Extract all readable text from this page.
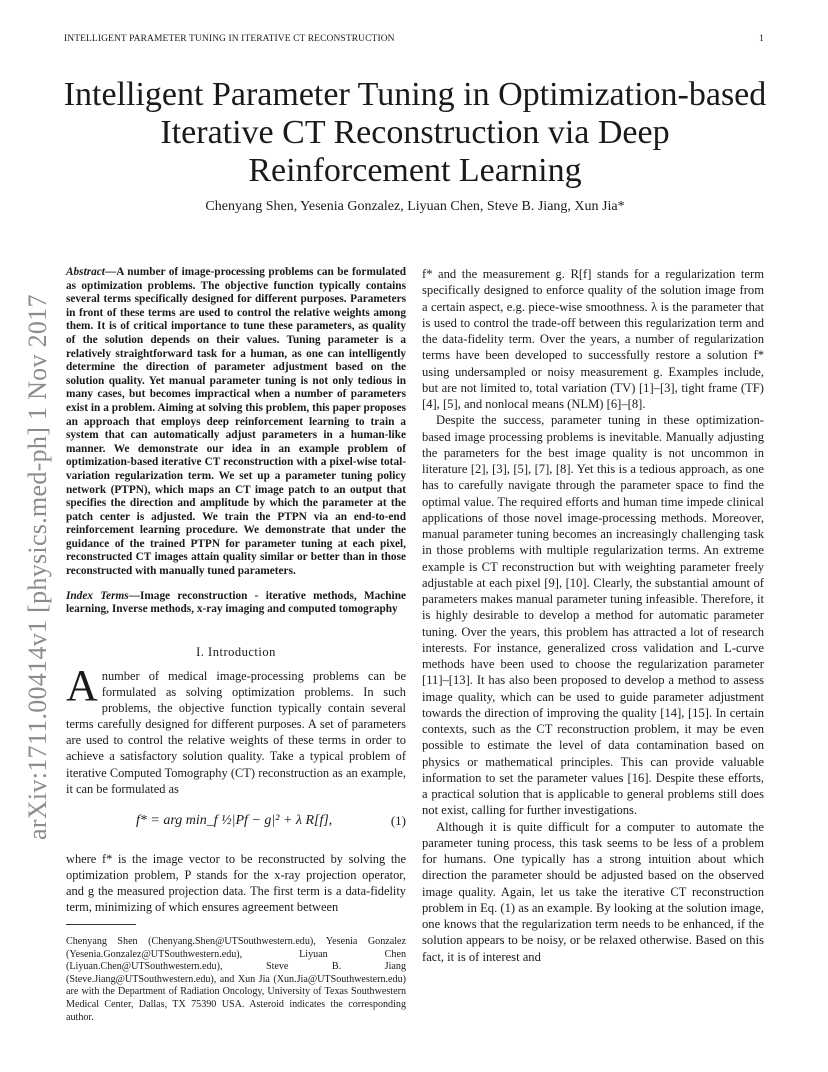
INTELLIGENT PARAMETER TUNING IN ITERATIVE CT RECONSTRUCTION	1
arXiv:1711.00414v1 [physics.med-ph] 1 Nov 2017
Intelligent Parameter Tuning in Optimization-based
Iterative CT Reconstruction via Deep
Reinforcement Learning
Chenyang Shen, Yesenia Gonzalez, Liyuan Chen, Steve B. Jiang, Xun Jia*

Abstract—A number of image-processing problems can be formulated as optimization problems. The objective function typically contains several terms specifically designed for different purposes. Parameters in front of these terms are used to control the relative weights among them. It is of critical importance to tune these parameters, as quality of the solution depends on their values. Tuning parameter is a relatively straightforward task for a human, as one can intelligently determine the direction of parameter adjustment based on the solution quality. Yet manual parameter tuning is not only tedious in many cases, but becomes impractical when a number of parameters exist in a problem. Aiming at solving this problem, this paper proposes an approach that employs deep reinforcement learning to train a system that can automatically adjust parameters in a human-like manner. We demonstrate our idea in an example problem of optimization-based iterative CT reconstruction with a pixel-wise total-variation regularization term. We set up a parameter tuning policy network (PTPN), which maps an CT image patch to an output that specifies the direction and amplitude by which the parameter at the patch center is adjusted. We train the PTPN via an end-to-end reinforcement learning procedure. We demonstrate that under the guidance of the trained PTPN for parameter tuning at each pixel, reconstructed CT images attain quality similar or better than in those reconstructed with manually tuned parameters.

Index Terms—Image reconstruction - iterative methods, Machine learning, Inverse methods, x-ray imaging and computed tomography

I. Introduction

Anumber of medical image-processing problems can be formulated as solving optimization problems. In such problems, the objective function typically contain several terms carefully designed for different purposes. A set of parameters are used to control the relative weights of these terms in order to achieve a satisfactory solution quality. Take a typical problem of iterative Computed Tomography (CT) reconstruction as an example, it can be formulated as

f* = arg min_f ½|Pf − g|² + λ R[f],	(1)

where f* is the image vector to be reconstructed by solving the optimization problem, P stands for the x-ray projection operator, and g the measured projection data. The first term is a data-fidelity term, minimizing of which ensures agreement between

Chenyang Shen (Chenyang.Shen@UTSouthwestern.edu), Yesenia Gonzalez (Yesenia.Gonzalez@UTSouthwestern.edu), Liyuan Chen (Liyuan.Chen@UTSouthwestern.edu), Steve B. Jiang (Steve.Jiang@UTSouthwestern.edu), and Xun Jia (Xun.Jia@UTSouthwestern.edu) are with the Department of Radiation Oncology, University of Texas Southwestern Medical Center, Dallas, TX 75390 USA. Asteroid indicates the corresponding author.

f* and the measurement g. R[f] stands for a regularization term specifically designed to enforce quality of the solution image from a certain aspect, e.g. piece-wise smoothness. λ is the parameter that is used to control the trade-off between this regularization term and the data-fidelity term. Over the years, a number of regularization terms have been developed to successfully restore a solution f* using undersampled or noisy measurement g. Examples include, but are not limited to, total variation (TV) [1]–[3], tight frame (TF) [4], [5], and nonlocal means (NLM) [6]–[8].

Despite the success, parameter tuning in these optimization-based image processing problems is inevitable. Manually adjusting the parameters for the best image quality is not uncommon in literature [2], [3], [5], [7], [8]. Yet this is a tedious approach, as one has to carefully navigate through the parameter space to find the optimal value. The required efforts and human time impede clinical applications of those novel image-processing methods. Moreover, manual parameter tuning becomes an increasingly challenging task in those problems with multiple regularization terms. An extreme example is CT reconstruction but with weighting parameter freely adjustable at each pixel [9], [10]. Clearly, the substantial amount of parameters makes manual parameter tuning infeasible. Therefore, it is highly desirable to develop a method for automatic parameter tuning. Over the years, this problem has attracted a lot of research interests. For instance, generalized cross validation and L-curve methods have been used to choose the regularization parameter [11]–[13]. It has also been proposed to develop a method to assess image quality, which can be used to guide parameter adjustment towards the direction of improving the quality [14], [15]. In certain contexts, such as the CT reconstruction problem, it may be even possible to estimate the level of data contamination based on physics or mathematical principles. This can provide valuable information to set the parameter values [16]. Despite these efforts, a practical solution that is applicable to general problems still does not exist, calling for further investigations.

Although it is quite difficult for a computer to automate the parameter tuning process, this task seems to be less of a problem for humans. One typically has a strong intuition about which direction the parameter should be adjusted based on the observed image quality. Again, let us take the iterative CT reconstruction problem in Eq. (1) as an example. By looking at the solution image, one knows that the regularization term needs to be enhanced, if the solution appears to be noisy, or be relaxed otherwise. Based on this fact, it is of interest and
